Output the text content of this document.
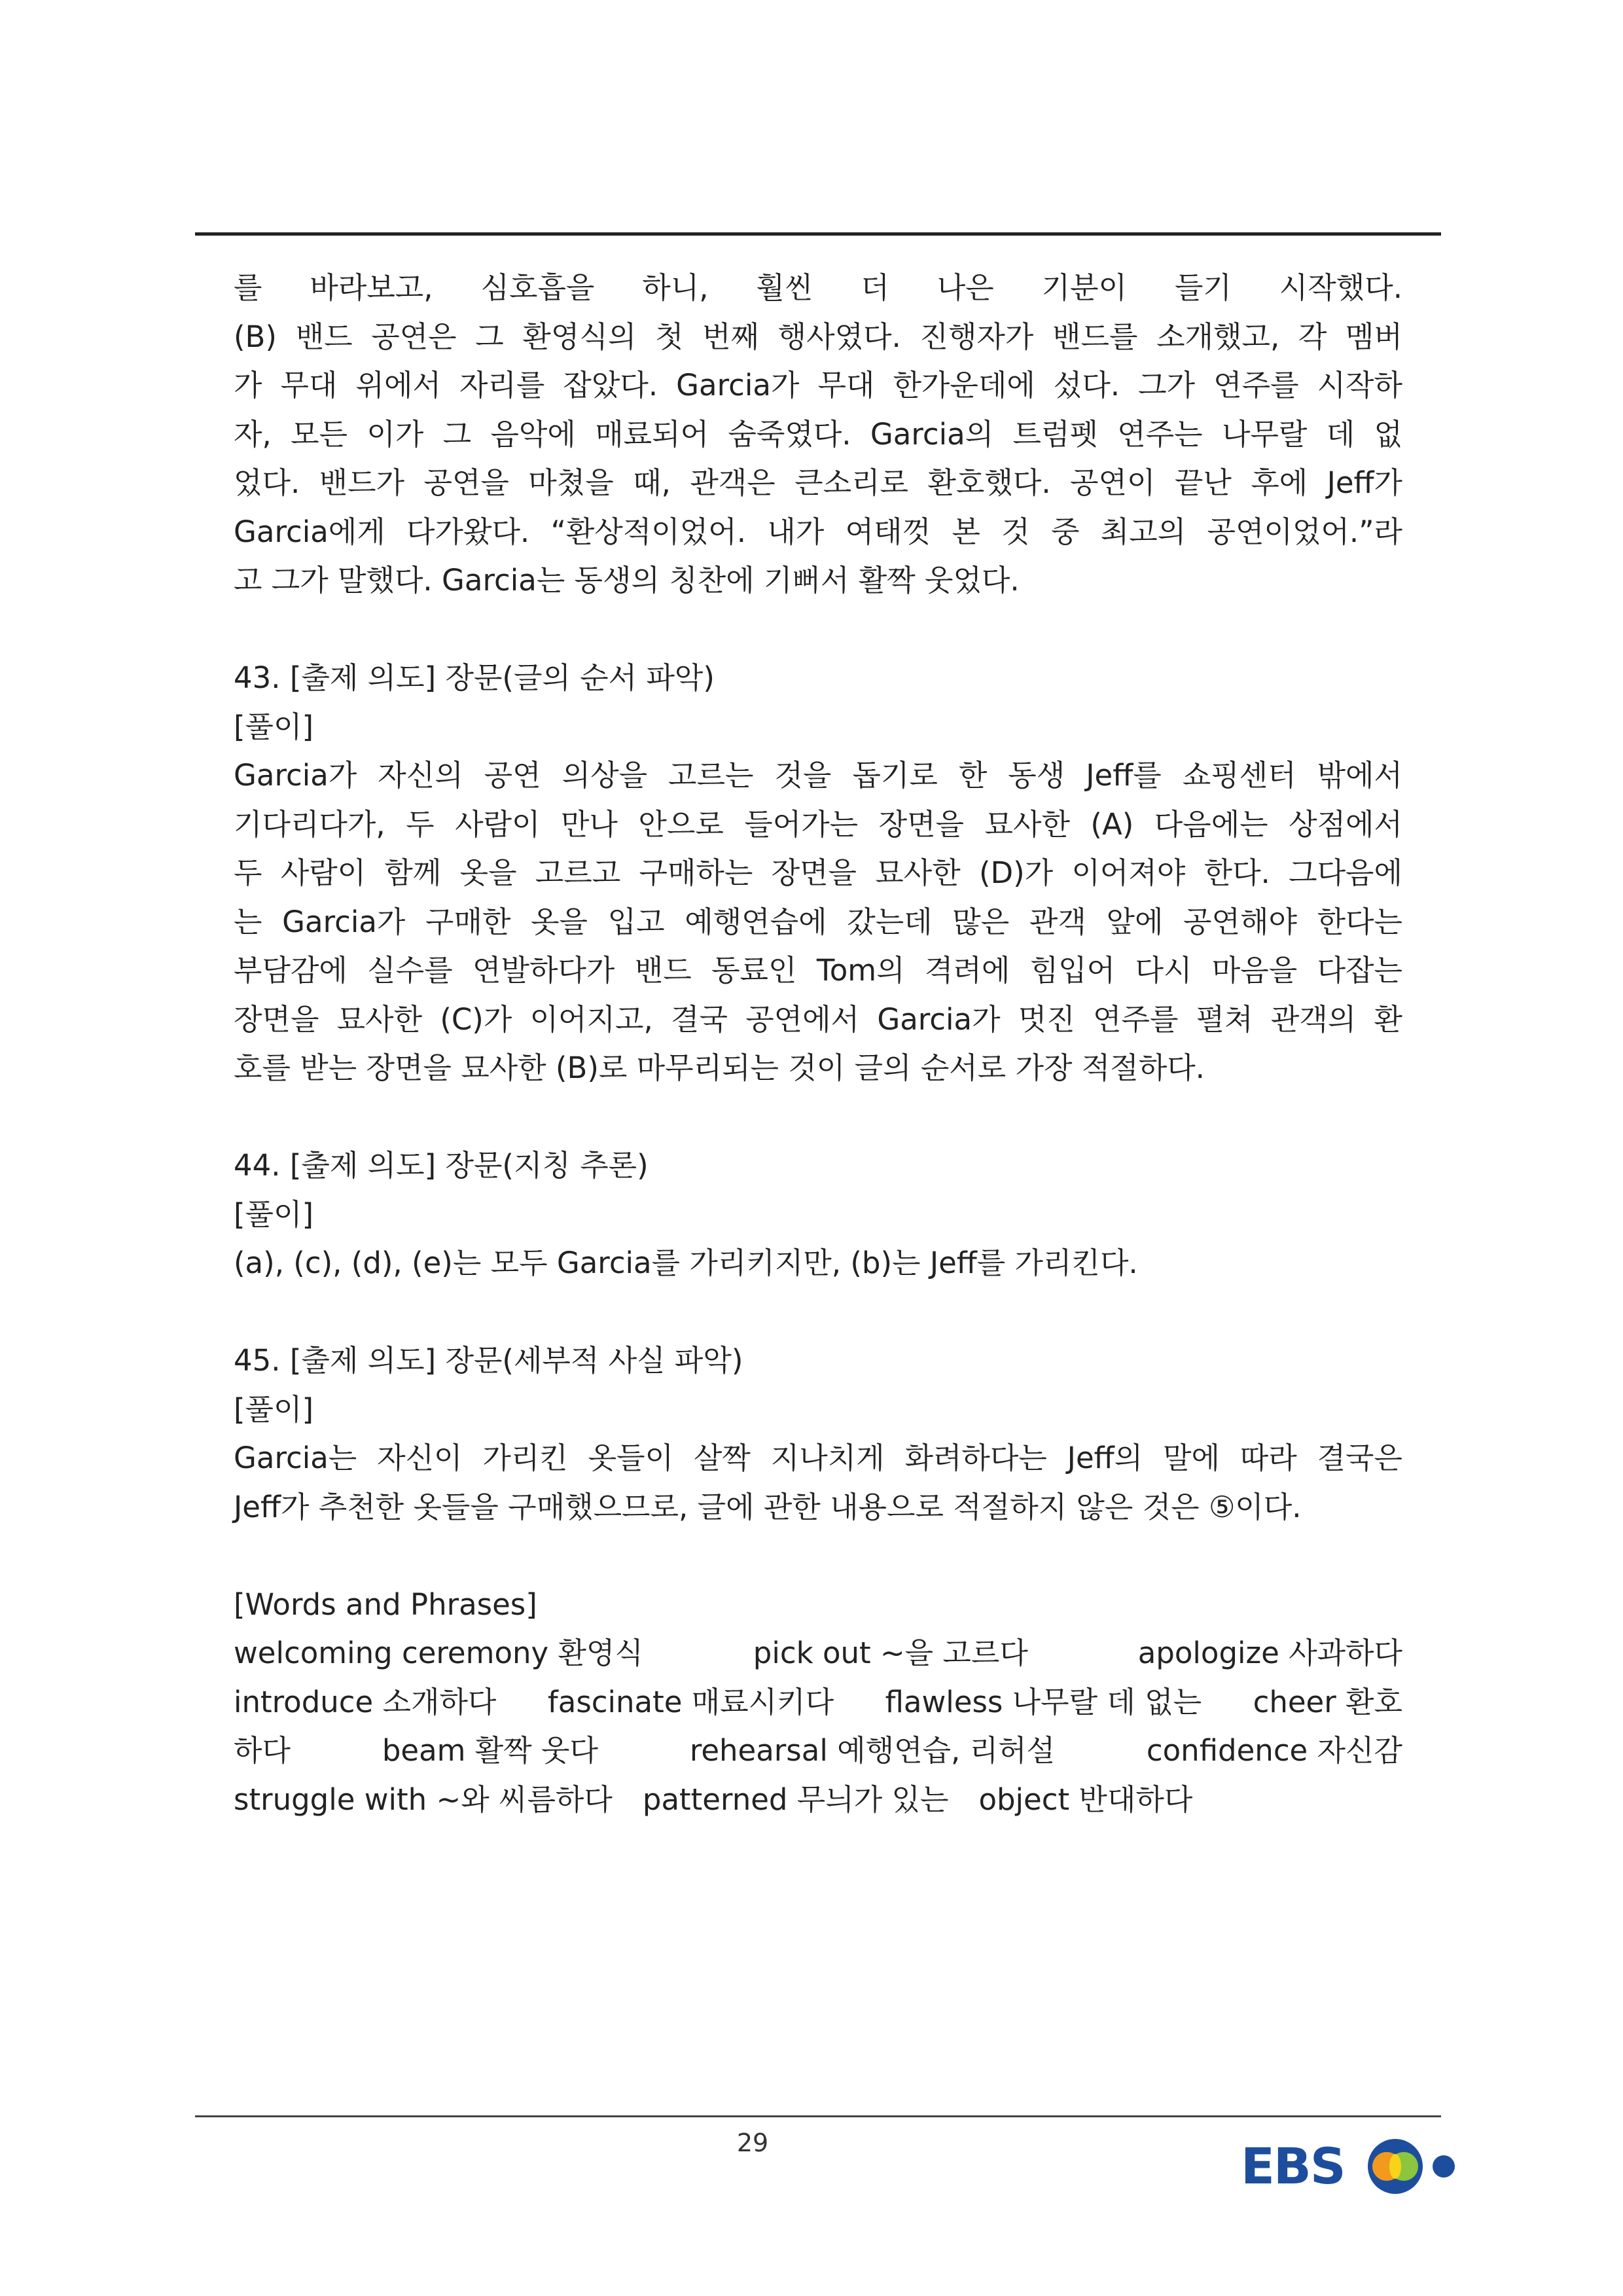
를 바라보고, 심호흡을 하니, 훨씬 더 나은 기분이 들기 시작했다.
(B) 밴드 공연은 그 환영식의 첫 번째 행사였다. 진행자가 밴드를 소개했고, 각 멤버
가 무대 위에서 자리를 잡았다. Garcia가 무대 한가운데에 섰다. 그가 연주를 시작하
자, 모든 이가 그 음악에 매료되어 숨죽였다. Garcia의 트럼펫 연주는 나무랄 데 없
었다. 밴드가 공연을 마쳤을 때, 관객은 큰소리로 환호했다. 공연이 끝난 후에 Jeff가
Garcia에게 다가왔다. “환상적이었어. 내가 여태껏 본 것 중 최고의 공연이었어.”라
고 그가 말했다. Garcia는 동생의 칭찬에 기뻐서 활짝 웃었다.
43. [출제 의도] 장문(글의 순서 파악)
[풀이]
Garcia가 자신의 공연 의상을 고르는 것을 돕기로 한 동생 Jeff를 쇼핑센터 밖에서
기다리다가, 두 사람이 만나 안으로 들어가는 장면을 묘사한 (A) 다음에는 상점에서
두 사람이 함께 옷을 고르고 구매하는 장면을 묘사한 (D)가 이어져야 한다. 그다음에
는 Garcia가 구매한 옷을 입고 예행연습에 갔는데 많은 관객 앞에 공연해야 한다는
부담감에 실수를 연발하다가 밴드 동료인 Tom의 격려에 힘입어 다시 마음을 다잡는
장면을 묘사한 (C)가 이어지고, 결국 공연에서 Garcia가 멋진 연주를 펼쳐 관객의 환
호를 받는 장면을 묘사한 (B)로 마무리되는 것이 글의 순서로 가장 적절하다.
44. [출제 의도] 장문(지칭 추론)
[풀이]
(a), (c), (d), (e)는 모두 Garcia를 가리키지만, (b)는 Jeff를 가리킨다.
45. [출제 의도] 장문(세부적 사실 파악)
[풀이]
Garcia는 자신이 가리킨 옷들이 살짝 지나치게 화려하다는 Jeff의 말에 따라 결국은
Jeff가 추천한 옷들을 구매했으므로, 글에 관한 내용으로 적절하지 않은 것은 ⑤이다.
[Words and Phrases]
welcoming ceremony 환영식	pick out ~을 고르다	apologize 사과하다
introduce 소개하다 fascinate 매료시키다 flawless 나무랄 데 없는 cheer 환호
하다	beam 활짝 웃다	rehearsal 예행연습, 리허설	confidence 자신감
struggle with ~와 씨름하다 patterned 무늬가 있는 object 반대하다
29	EBS
